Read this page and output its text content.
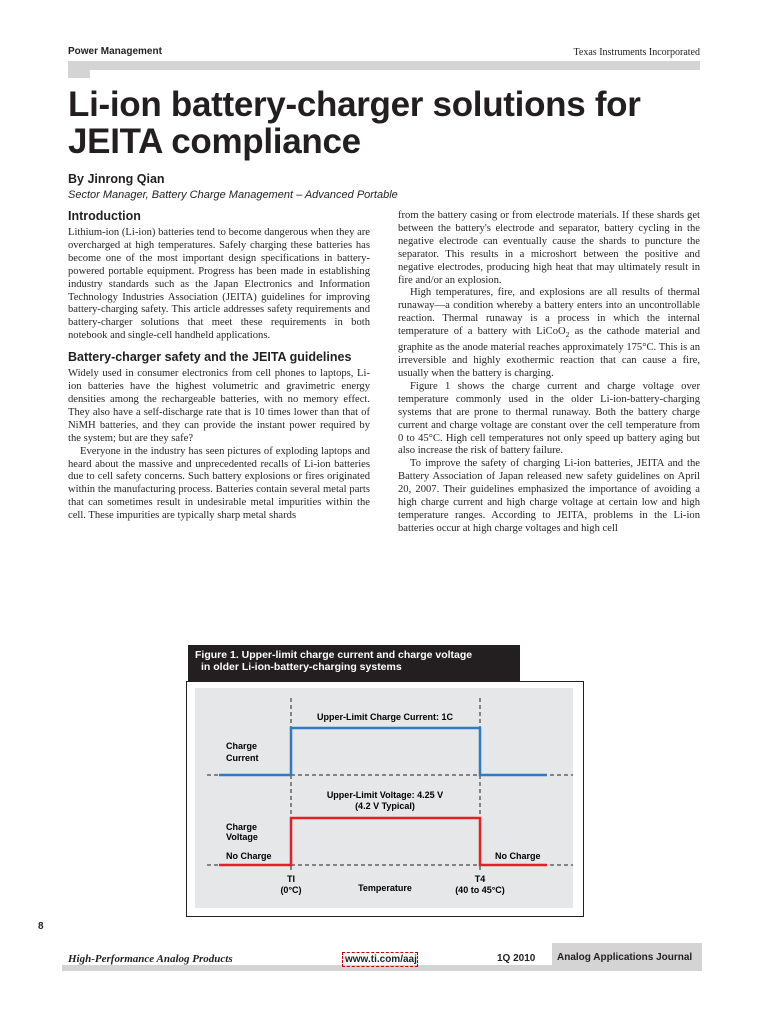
Power Management	Texas Instruments Incorporated
Li-ion battery-charger solutions for
JEITA compliance
By Jinrong Qian
Sector Manager, Battery Charge Management – Advanced Portable
Introduction

Lithium-ion (Li-ion) batteries tend to become dangerous when they are overcharged at high temperatures. Safely charging these batteries has become one of the most important design specifications in battery-powered portable equipment. Progress has been made in establishing industry standards such as the Japan Electronics and Information Technology Industries Association (JEITA) guidelines for improving battery-charging safety. This article addresses safety requirements and battery-charger solutions that meet these requirements in both notebook and single-cell handheld applications.

Battery-charger safety and the JEITA guidelines

Widely used in consumer electronics from cell phones to laptops, Li-ion batteries have the highest volumetric and gravimetric energy densities among the rechargeable batteries, with no memory effect. They also have a self-discharge rate that is 10 times lower than that of NiMH batteries, and they can provide the instant power required by the system; but are they safe?

Everyone in the industry has seen pictures of exploding laptops and heard about the massive and unprecedented recalls of Li-ion batteries due to cell safety concerns. Such battery explosions or fires originated within the manufacturing process. Batteries contain several metal parts that can sometimes result in undesirable metal impurities within the cell. These impurities are typically sharp metal shards

from the battery casing or from electrode materials. If these shards get between the battery's electrode and separator, battery cycling in the negative electrode can eventually cause the shards to puncture the separator. This results in a microshort between the positive and negative electrodes, producing high heat that may ultimately result in fire and/or an explosion.

High temperatures, fire, and explosions are all results of thermal runaway—a condition whereby a battery enters into an uncontrollable reaction. Thermal runaway is a process in which the internal temperature of a battery with LiCoO$_2$ as the cathode material and graphite as the anode material reaches approximately 175°C. This is an irreversible and highly exothermic reaction that can cause a fire, usually when the battery is charging.

Figure 1 shows the charge current and charge voltage over temperature commonly used in the older Li-ion-battery-charging systems that are prone to thermal runaway. Both the battery charge current and charge voltage are constant over the cell temperature from 0 to 45°C. High cell temperatures not only speed up battery aging but also increase the risk of battery failure.

To improve the safety of charging Li-ion batteries, JEITA and the Battery Association of Japan released new safety guidelines on April 20, 2007. Their guidelines emphasized the importance of avoiding a high charge current and high charge voltage at certain low and high temperature ranges. According to JEITA, problems in the Li-ion batteries occur at high charge voltages and high cell

Figure 1. Upper-limit charge current and charge voltage
in older Li-ion-battery-charging systems
Upper-Limit Charge Current: 1C
Charge
Current
Upper-Limit Voltage: 4.25 V
(4.2 V Typical)
Charge
Voltage
No Charge	No Charge
TI
(0°C)	Temperature
T4
(40 to 45°C)
8
High-Performance Analog Products	www.ti.com/aaj	1Q 2010 Analog Applications Journal
